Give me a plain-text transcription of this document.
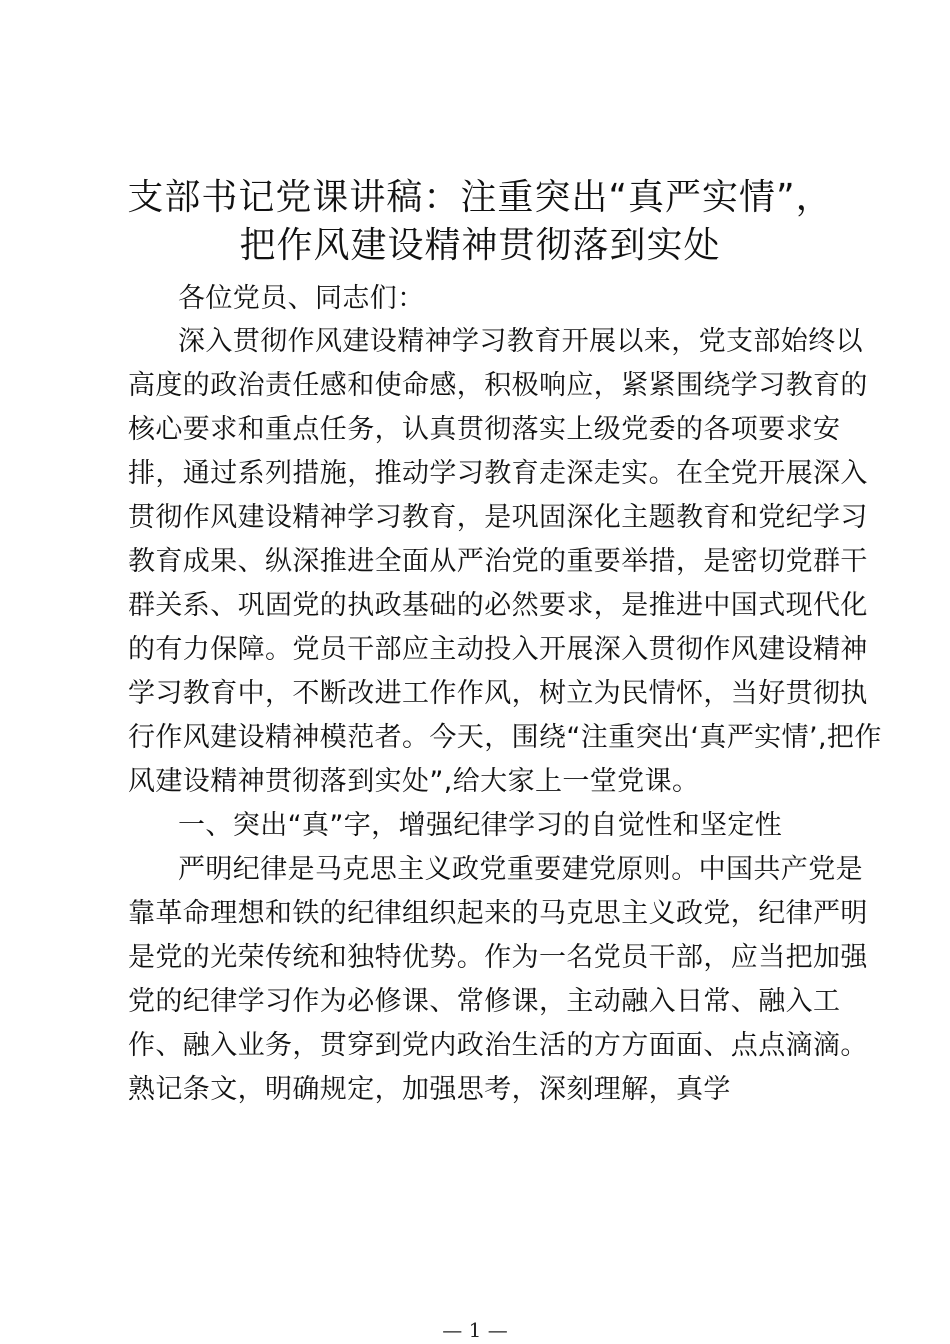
支部书记党课讲稿：注重突出“真严实情”，
把作风建设精神贯彻落到实处
各位党员、同志们：
深入贯彻作风建设精神学习教育开展以来，党支部始终以
高度的政治责任感和使命感，积极响应，紧紧围绕学习教育的
核心要求和重点任务，认真贯彻落实上级党委的各项要求安
排，通过系列措施，推动学习教育走深走实。在全党开展深入
贯彻作风建设精神学习教育，是巩固深化主题教育和党纪学习
教育成果、纵深推进全面从严治党的重要举措，是密切党群干
群关系、巩固党的执政基础的必然要求，是推进中国式现代化
的有力保障。党员干部应主动投入开展深入贯彻作风建设精神
学习教育中，不断改进工作作风，树立为民情怀，当好贯彻执
行作风建设精神模范者。今天，围绕“注重突出‘真严实情’,把作
风建设精神贯彻落到实处”,给大家上一堂党课。
一、突出“真”字，增强纪律学习的自觉性和坚定性
严明纪律是马克思主义政党重要建党原则。中国共产党是
靠革命理想和铁的纪律组织起来的马克思主义政党，纪律严明
是党的光荣传统和独特优势。作为一名党员干部，应当把加强
党的纪律学习作为必修课、常修课，主动融入日常、融入工
作、融入业务，贯穿到党内政治生活的方方面面、点点滴滴。
熟记条文，明确规定，加强思考，深刻理解，真学
— 1 —
